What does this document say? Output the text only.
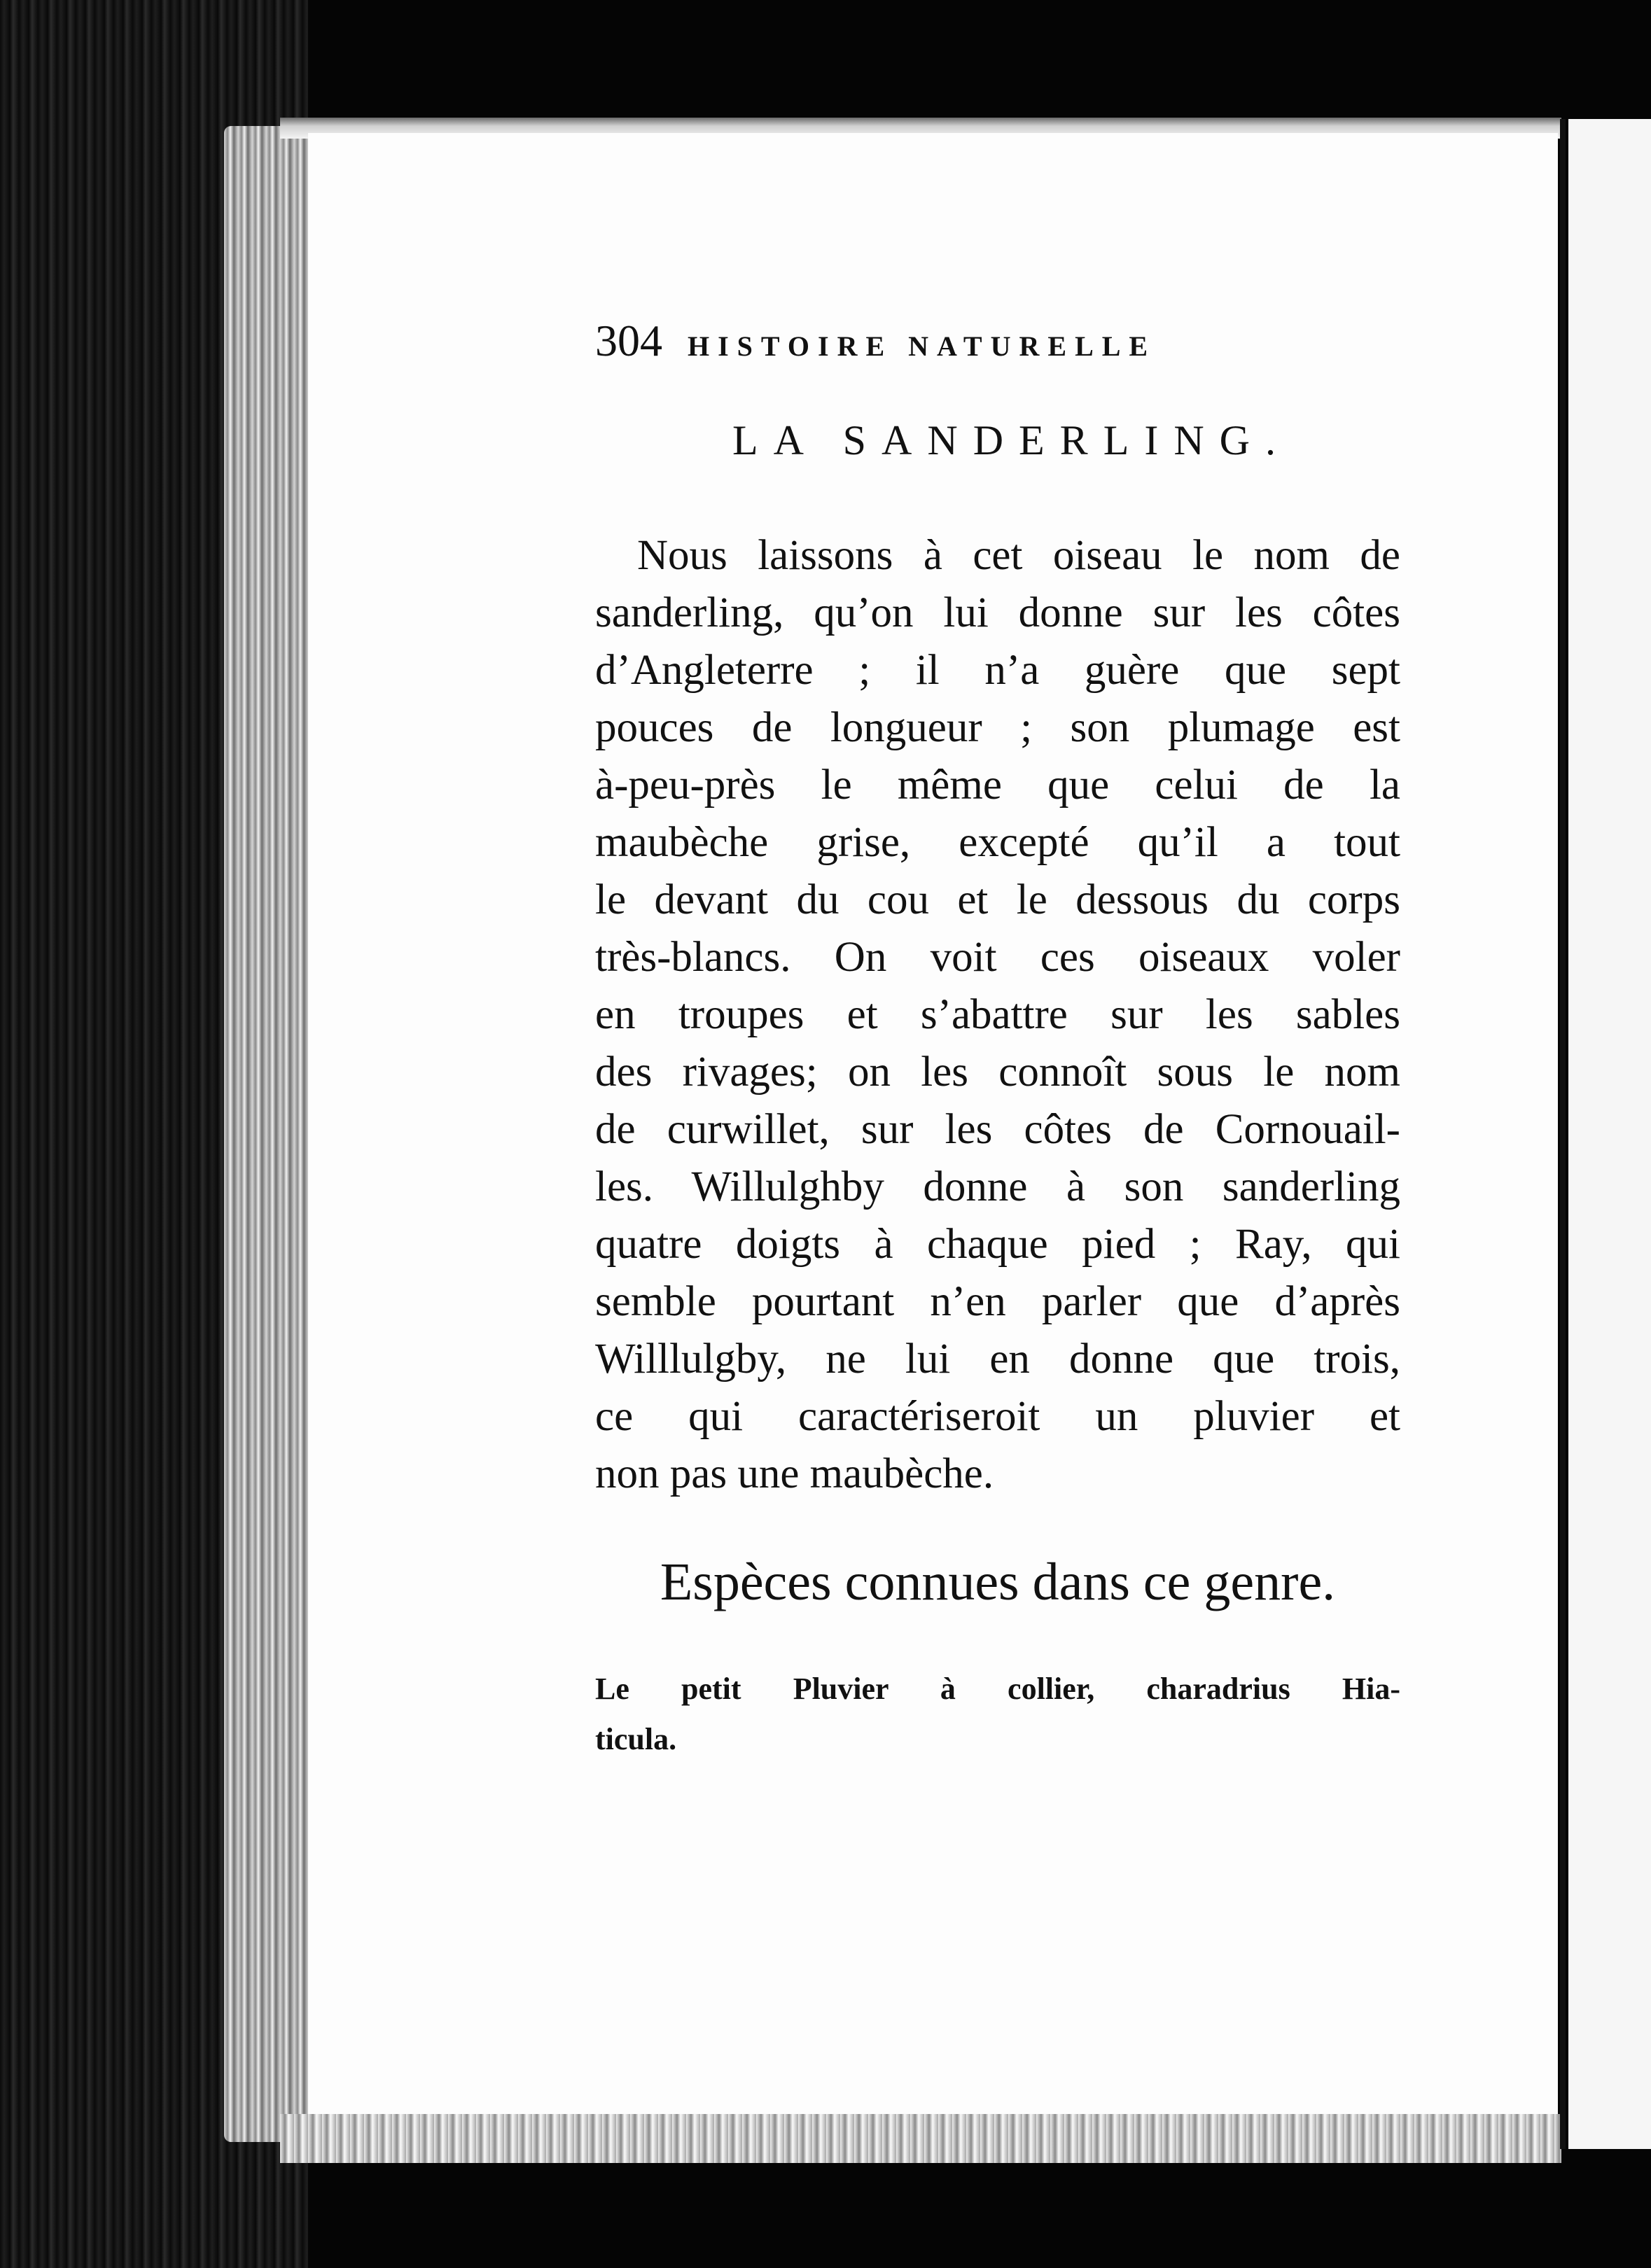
304 HISTOIRE NATURELLE
LA SANDERLING.
Nous laissons à cet oiseau le nom de
sanderling, qu’on lui donne sur les côtes
d’Angleterre ; il n’a guère que sept
pouces de longueur ; son plumage est
à-peu-près le même que celui de la
maubèche grise, excepté qu’il a tout
le devant du cou et le dessous du corps
très-blancs. On voit ces oiseaux voler
en troupes et s’abattre sur les sables
des rivages; on les connoît sous le nom
de curwillet, sur les côtes de Cornouail-
les. Willulghby donne à son sanderling
quatre doigts à chaque pied ; Ray, qui
semble pourtant n’en parler que d’après
Willlulgby, ne lui en donne que trois,
ce qui caractériseroit un pluvier et
non pas une maubèche.
Espèces connues dans ce genre.
Le petit Pluvier à collier, charadrius Hia-
ticula.
